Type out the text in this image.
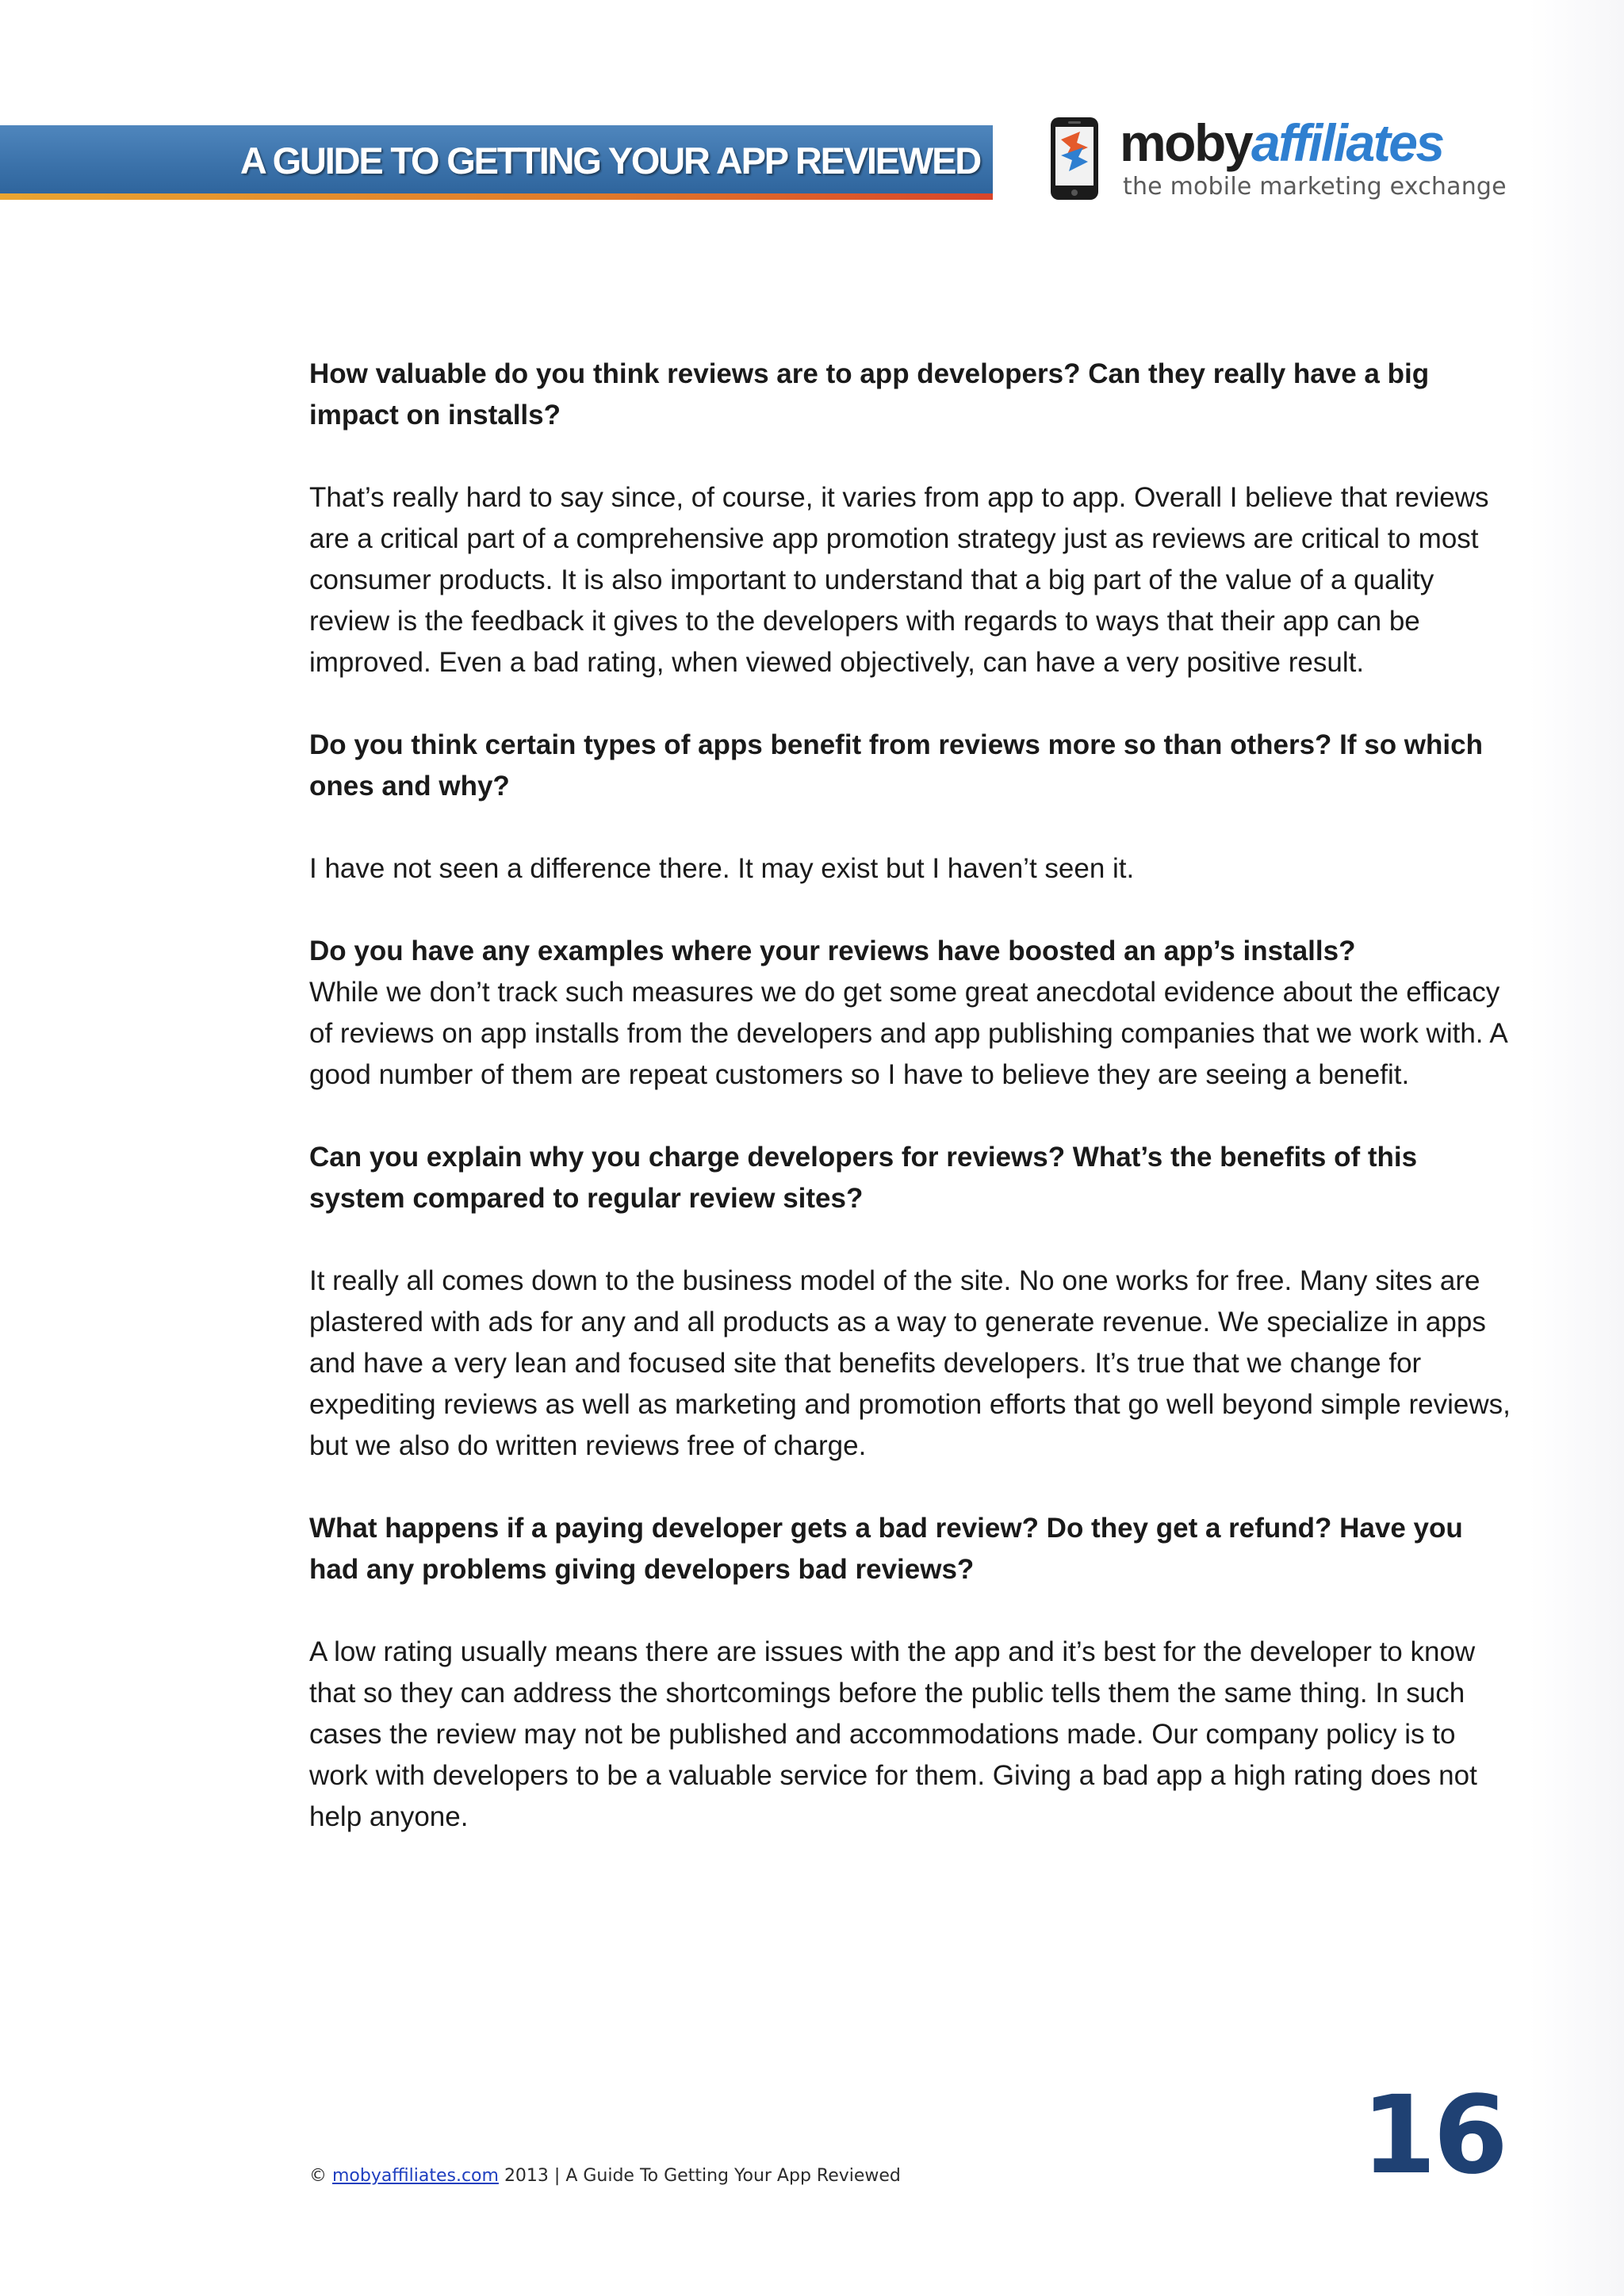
A GUIDE TO GETTING YOUR APP REVIEWED	mobyaffiliates
the mobile marketing exchange

How valuable do you think reviews are to app developers? Can they really have a big impact on installs?

That’s really hard to say since, of course, it varies from app to app. Overall I believe that reviews are a critical part of a comprehensive app promotion strategy just as reviews are critical to most consumer products. It is also important to understand that a big part of the value of a quality review is the feedback it gives to the developers with regards to ways that their app can be improved. Even a bad rating, when viewed objectively, can have a very positive result.

Do you think certain types of apps benefit from reviews more so than others? If so which ones and why?

I have not seen a difference there. It may exist but I haven’t seen it.

Do you have any examples where your reviews have boosted an app’s installs?

While we don’t track such measures we do get some great anecdotal evidence about the efficacy of reviews on app installs from the developers and app publishing companies that we work with. A good number of them are repeat customers so I have to believe they are seeing a benefit.

Can you explain why you charge developers for reviews? What’s the benefits of this system compared to regular review sites?

It really all comes down to the business model of the site. No one works for free. Many sites are plastered with ads for any and all products as a way to generate revenue. We specialize in apps and have a very lean and focused site that benefits developers. It’s true that we change for expediting reviews as well as marketing and promotion efforts that go well beyond simple reviews, but we also do written reviews free of charge.

What happens if a paying developer gets a bad review? Do they get a refund? Have you had any problems giving developers bad reviews?

A low rating usually means there are issues with the app and it’s best for the developer to know that so they can address the shortcomings before the public tells them the same thing. In such cases the review may not be published and accommodations made. Our company policy is to work with developers to be a valuable service for them. Giving a bad app a high rating does not help anyone.

© mobyaffiliates.com 2013 | A Guide To Getting Your App Reviewed	16
